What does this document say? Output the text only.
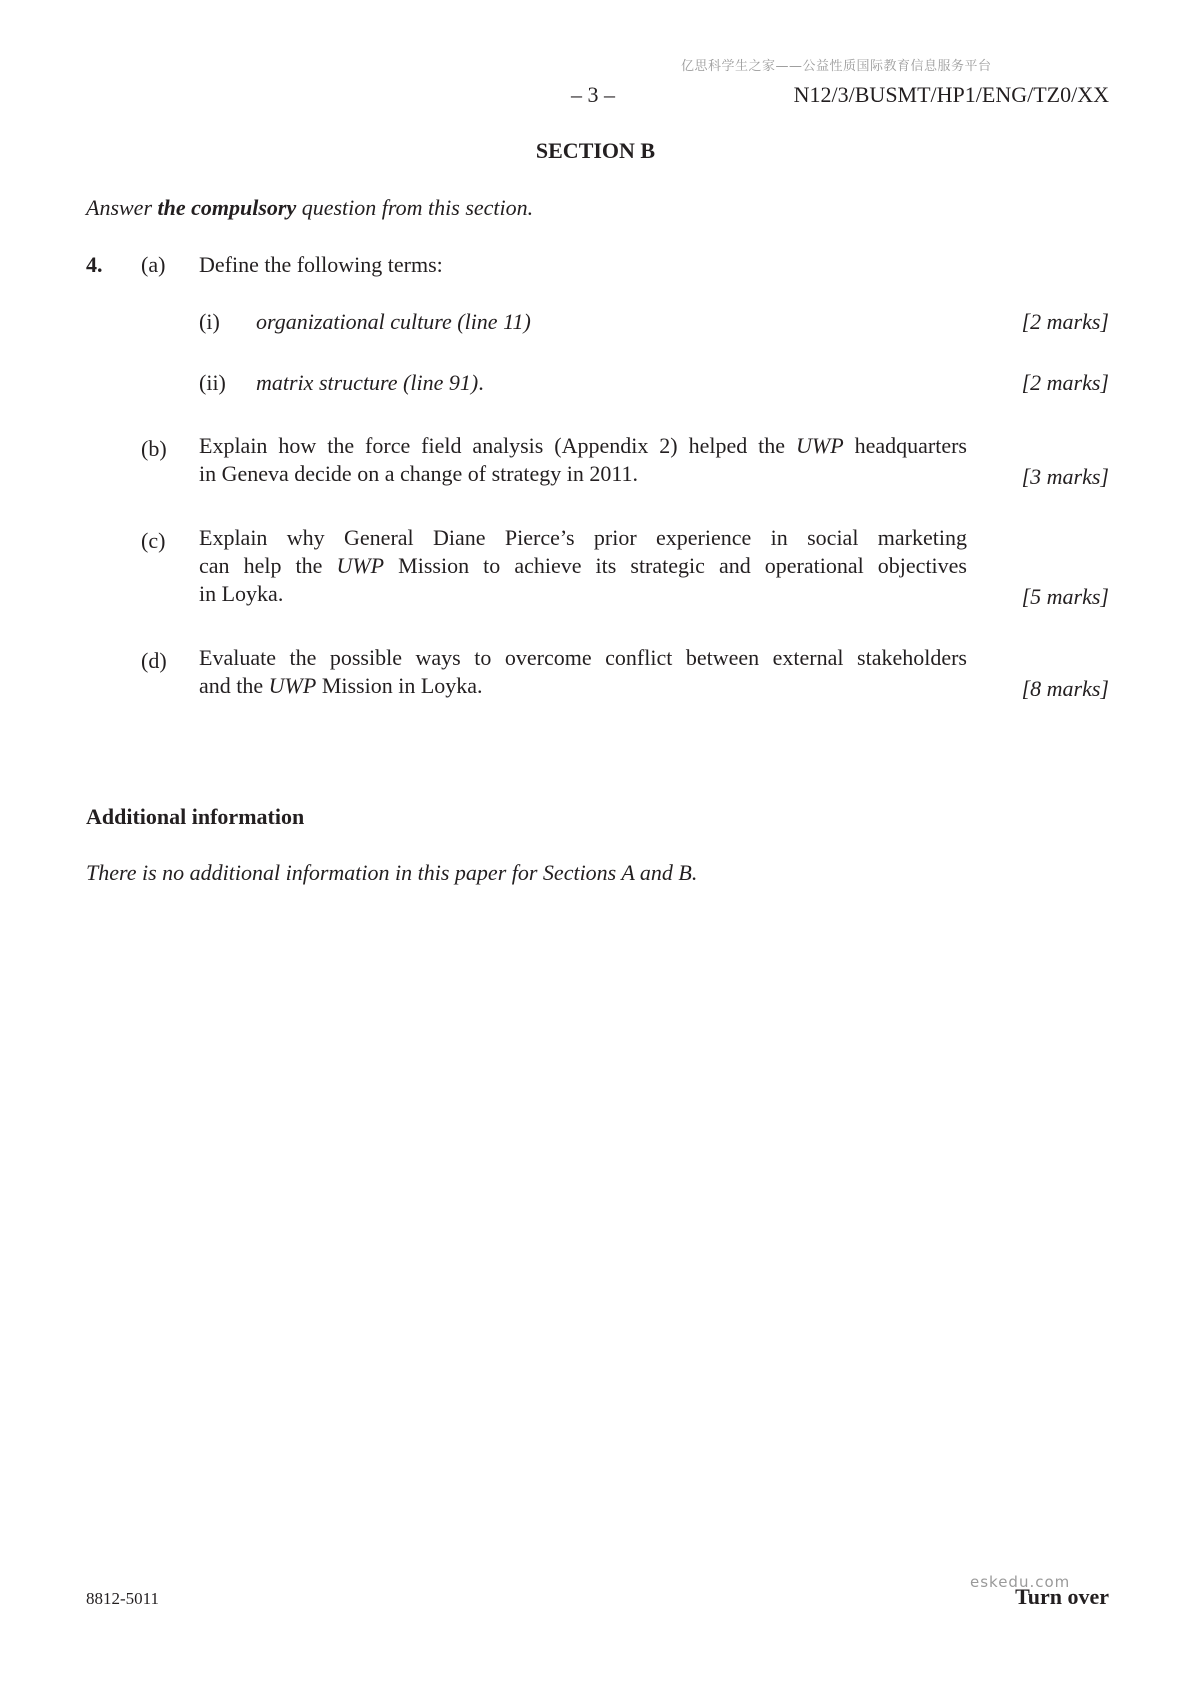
亿思科学生之家——公益性质国际教育信息服务平台
– 3 –	N12/3/BUSMT/HP1/ENG/TZ0/XX
SECTION B
Answer the compulsory question from this section.
4. (a) Define the following terms:
(i) organizational culture (line 11)	[2 marks]
(ii) matrix structure (line 91).	[2 marks]
(b) Explain how the force field analysis (Appendix 2) helped the UWP headquarters
in Geneva decide on a change of strategy in 2011.	[3 marks]
(c) Explain why General Diane Pierce’s prior experience in social marketing
can help the UWP Mission to achieve its strategic and operational objectives
in Loyka.	[5 marks]
(d) Evaluate the possible ways to overcome conflict between external stakeholders
and the UWP Mission in Loyka.	[8 marks]
Additional information
There is no additional information in this paper for Sections A and B.
8812-5011	Turn over
eskedu.com
